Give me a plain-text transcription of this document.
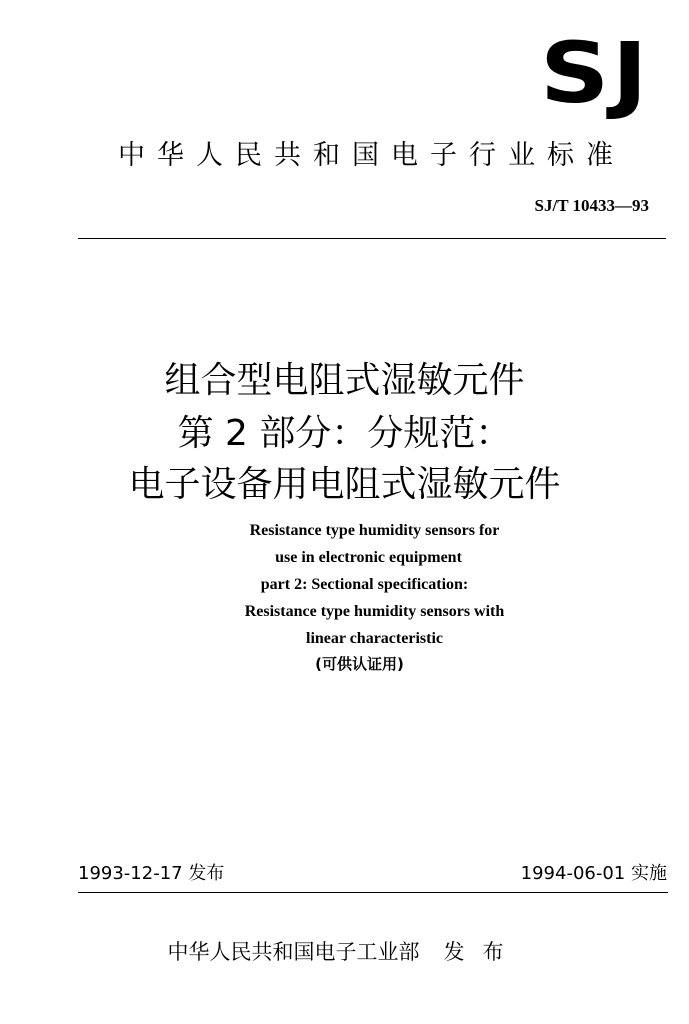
SJ
中华人民共和国电子行业标准
SJ/T 10433—93
组合型电阻式湿敏元件
第 2 部分：分规范：
电子设备用电阻式湿敏元件
Resistance type humidity sensors for
use in electronic equipment
part 2: Sectional specification:
Resistance type humidity sensors with
linear characteristic
(可供认证用)
1993-12-17 发布	1994-06-01 实施
中华人民共和国电子工业部 发布
